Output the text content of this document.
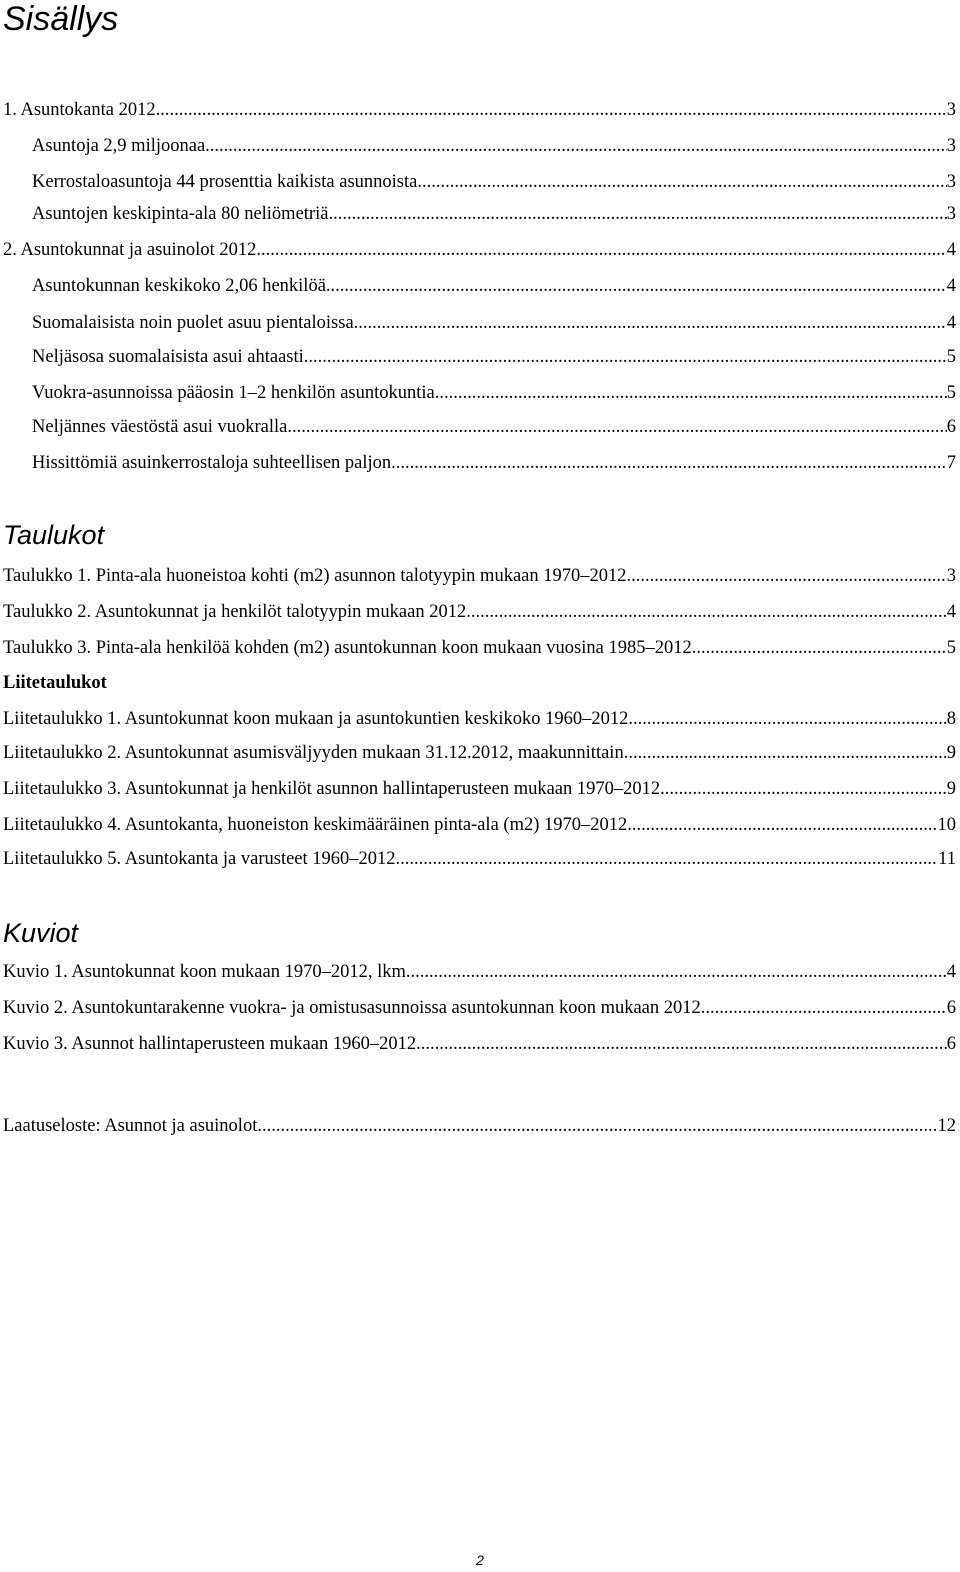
Sisällys
1. Asuntokanta 2012 .....	3
Asuntoja 2,9 miljoonaa .....	3
Kerrostaloasuntoja 44 prosenttia kaikista asunnoista .....	3
Asuntojen keskipinta-ala 80 neliömetriä .....	3
2. Asuntokunnat ja asuinolot 2012 .....	4
Asuntokunnan keskikoko 2,06 henkilöä .....	4
Suomalaisista noin puolet asuu pientaloissa .....	4
Neljäsosa suomalaisista asui ahtaasti .....	5
Vuokra-asunnoissa pääosin 1–2 henkilön asuntokuntia .....	5
Neljännes väestöstä asui vuokralla .....	6
Hissittömiä asuinkerrostaloja suhteellisen paljon .....	7
Taulukot
Taulukko 1. Pinta-ala huoneistoa kohti (m2) asunnon talotyypin mukaan 1970–2012 .....	3
Taulukko 2. Asuntokunnat ja henkilöt talotyypin mukaan 2012 .....	4
Taulukko 3. Pinta-ala henkilöä kohden (m2) asuntokunnan koon mukaan vuosina 1985–2012 .....	5

Liitetaulukot

Liitetaulukko 1. Asuntokunnat koon mukaan ja asuntokuntien keskikoko 1960–2012 .....	8
Liitetaulukko 2. Asuntokunnat asumisväljyyden mukaan 31.12.2012, maakunnittain .....	9
Liitetaulukko 3. Asuntokunnat ja henkilöt asunnon hallintaperusteen mukaan 1970–2012 .....	9
Liitetaulukko 4. Asuntokanta, huoneiston keskimääräinen pinta-ala (m2) 1970–2012 .....	10
Liitetaulukko 5. Asuntokanta ja varusteet 1960–2012 .....	11
Kuviot
Kuvio 1. Asuntokunnat koon mukaan 1970–2012, lkm .....	4
Kuvio 2. Asuntokuntarakenne vuokra- ja omistusasunnoissa asuntokunnan koon mukaan 2012 .....	6
Kuvio 3. Asunnot hallintaperusteen mukaan 1960–2012 .....	6
Laatuseloste: Asunnot ja asuinolot .....	12
2
